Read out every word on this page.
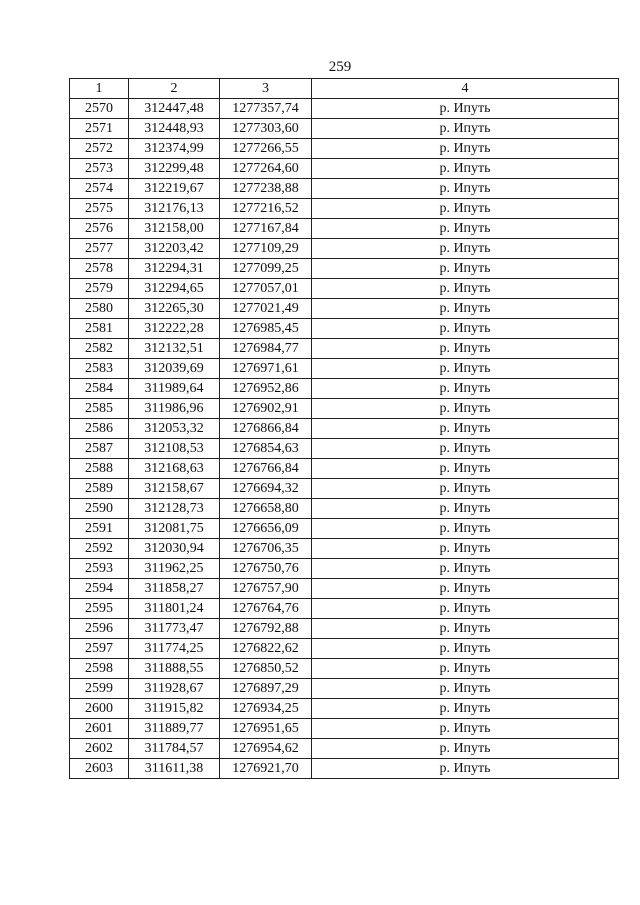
259
1	2	3	4
2570	312447,48	1277357,74	р. Ипуть
2571	312448,93	1277303,60	р. Ипуть
2572	312374,99	1277266,55	р. Ипуть
2573	312299,48	1277264,60	р. Ипуть
2574	312219,67	1277238,88	р. Ипуть
2575	312176,13	1277216,52	р. Ипуть
2576	312158,00	1277167,84	р. Ипуть
2577	312203,42	1277109,29	р. Ипуть
2578	312294,31	1277099,25	р. Ипуть
2579	312294,65	1277057,01	р. Ипуть
2580	312265,30	1277021,49	р. Ипуть
2581	312222,28	1276985,45	р. Ипуть
2582	312132,51	1276984,77	р. Ипуть
2583	312039,69	1276971,61	р. Ипуть
2584	311989,64	1276952,86	р. Ипуть
2585	311986,96	1276902,91	р. Ипуть
2586	312053,32	1276866,84	р. Ипуть
2587	312108,53	1276854,63	р. Ипуть
2588	312168,63	1276766,84	р. Ипуть
2589	312158,67	1276694,32	р. Ипуть
2590	312128,73	1276658,80	р. Ипуть
2591	312081,75	1276656,09	р. Ипуть
2592	312030,94	1276706,35	р. Ипуть
2593	311962,25	1276750,76	р. Ипуть
2594	311858,27	1276757,90	р. Ипуть
2595	311801,24	1276764,76	р. Ипуть
2596	311773,47	1276792,88	р. Ипуть
2597	311774,25	1276822,62	р. Ипуть
2598	311888,55	1276850,52	р. Ипуть
2599	311928,67	1276897,29	р. Ипуть
2600	311915,82	1276934,25	р. Ипуть
2601	311889,77	1276951,65	р. Ипуть
2602	311784,57	1276954,62	р. Ипуть
2603	311611,38	1276921,70	р. Ипуть
